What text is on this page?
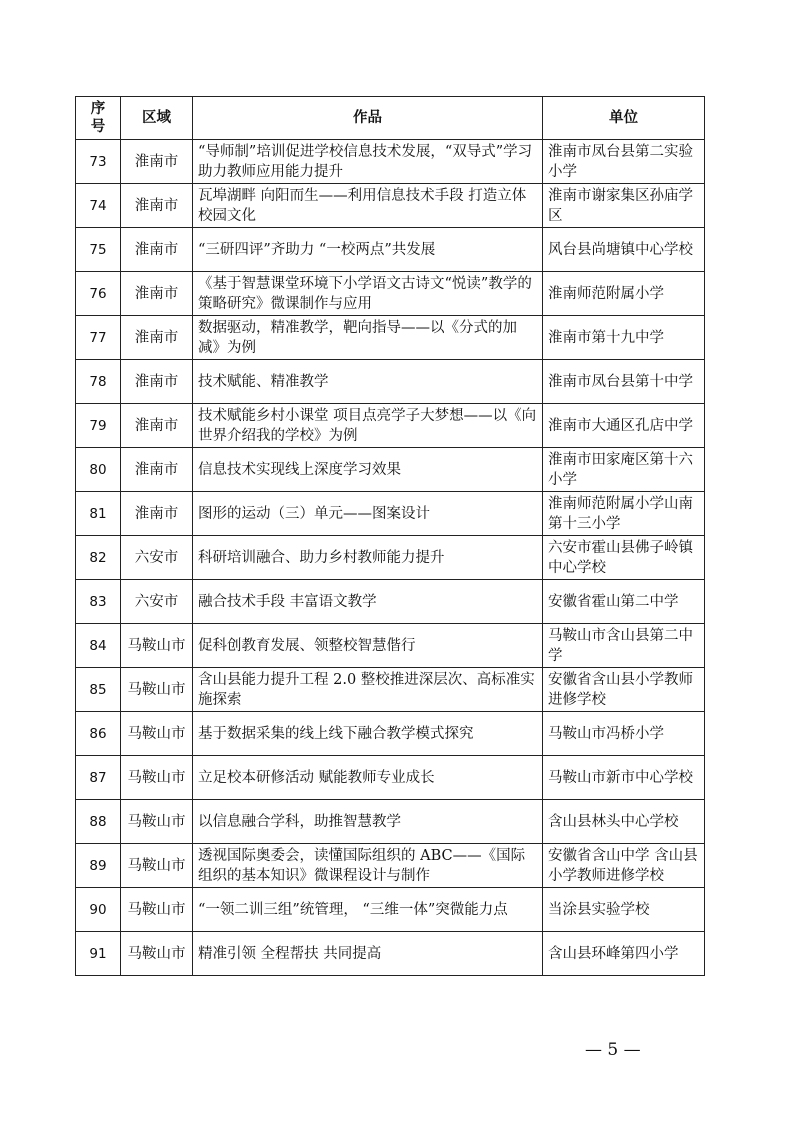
序
号	区域	作品	单位
73	淮南市	“导师制”培训促进学校信息技术发展，“双导式”学习助力教师应用能力提升	淮南市凤台县第二实验小学
74	淮南市	瓦埠湖畔 向阳而生——利用信息技术手段 打造立体校园文化	淮南市谢家集区孙庙学区
75	淮南市	“三研四评”齐助力 “一校两点”共发展	风台县尚塘镇中心学校
76	淮南市	《基于智慧课堂环境下小学语文古诗文“悦读”教学的策略研究》微课制作与应用	淮南师范附属小学
77	淮南市	数据驱动，精准教学，靶向指导——以《分式的加减》为例	淮南市第十九中学
78	淮南市	技术赋能、精准教学	淮南市凤台县第十中学
79	淮南市	技术赋能乡村小课堂 项目点亮学子大梦想——以《向世界介绍我的学校》为例	淮南市大通区孔店中学
80	淮南市	信息技术实现线上深度学习效果	淮南市田家庵区第十六小学
81	淮南市	图形的运动（三）单元——图案设计	淮南师范附属小学山南第十三小学
82	六安市	科研培训融合、助力乡村教师能力提升	六安市霍山县佛子岭镇中心学校
83	六安市	融合技术手段 丰富语文教学	安徽省霍山第二中学
84	马鞍山市	促科创教育发展、领整校智慧偕行	马鞍山市含山县第二中学
85	马鞍山市	含山县能力提升工程 2.0 整校推进深层次、高标准实施探索	安徽省含山县小学教师进修学校
86	马鞍山市	基于数据采集的线上线下融合教学模式探究	马鞍山市冯桥小学
87	马鞍山市	立足校本研修活动 赋能教师专业成长	马鞍山市新市中心学校
88	马鞍山市	以信息融合学科，助推智慧教学	含山县林头中心学校
89	马鞍山市	透视国际奥委会，读懂国际组织的 ABC——《国际组织的基本知识》微课程设计与制作	安徽省含山中学 含山县小学教师进修学校
90	马鞍山市	“一领二训三组”统管理， “三维一体”突微能力点	当涂县实验学校
91	马鞍山市	精准引领 全程帮扶 共同提高	含山县环峰第四小学
— 5 —
